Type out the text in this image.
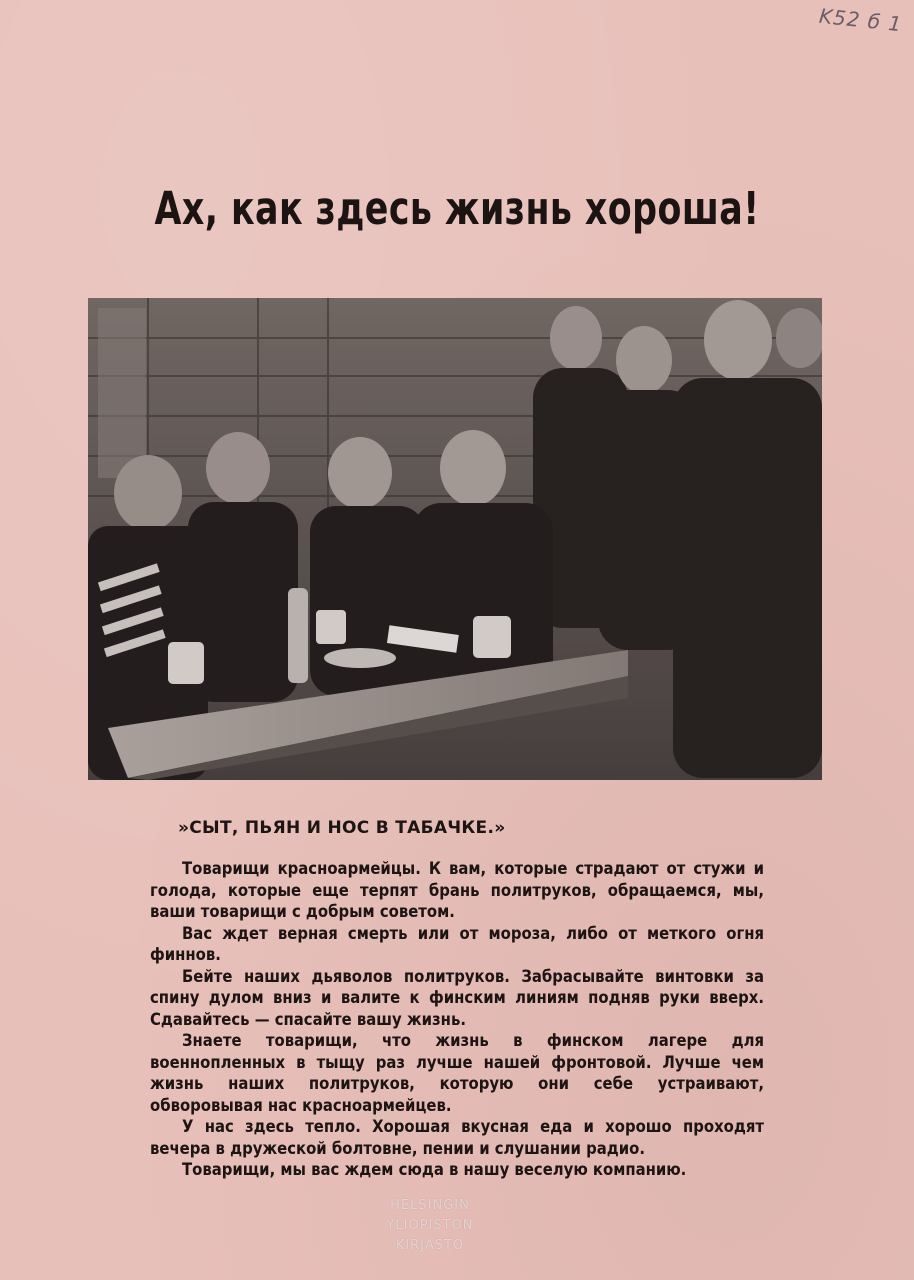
K52 б 1
Ах, как здесь жизнь хороша!
»СЫТ, ПЬЯН И НОС В ТАБАЧКЕ.»

Товарищи красноармейцы. К вам, которые страдают от стужи и голода, которые еще терпят брань политруков, обращаемся, мы, ваши товарищи с добрым советом.

Вас ждет верная смерть или от мороза, либо от меткого огня финнов.

Бейте наших дьяволов политруков. Забрасывайте винтовки за спину дулом вниз и валите к финским линиям подняв руки вверх. Сдавайтесь — спасайте вашу жизнь.

Знаете товарищи, что жизнь в финском лагере для военнопленных в тыщу раз лучше нашей фронтовой. Лучше чем жизнь наших политруков, которую они себе устраивают, обворовывая нас красноармейцев.

У нас здесь тепло. Хорошая вкусная еда и хорошо проходят вечера в дружеской болтовне, пении и слушании радио.

Товарищи, мы вас ждем сюда в нашу веселую компанию.

HELSINGIN
YLIOPISTON
KIRJASTO
